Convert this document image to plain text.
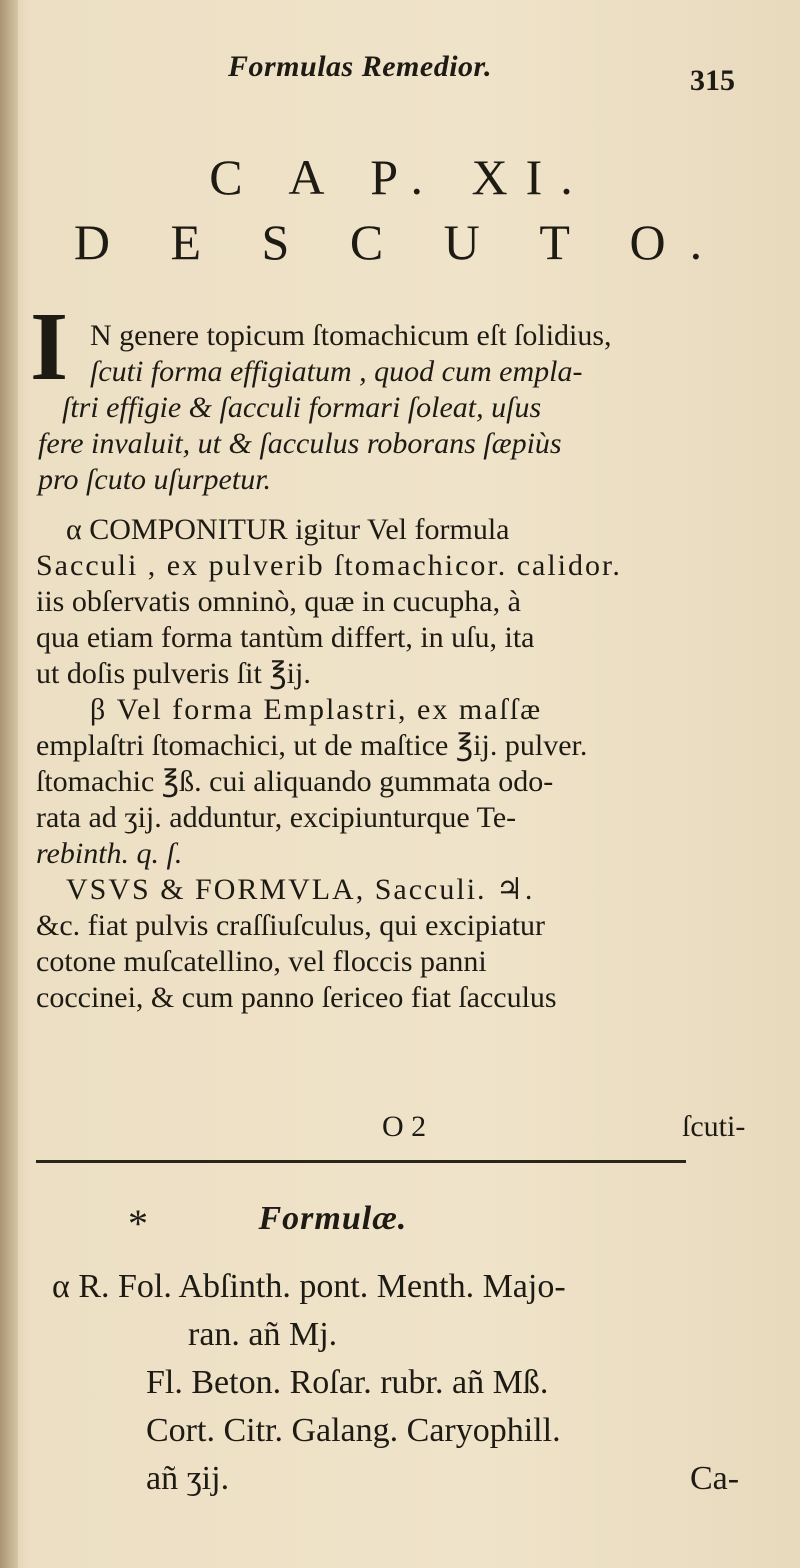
Formulas Remedior.	315
C A P. XI.
D E S C U T O.
I N genere topicum ſtomachicum eſt ſolidius,
ſcuti forma effigiatum , quod cum empla-
ſtri effigie & ſacculi formari ſoleat, uſus
fere invaluit, ut & ſacculus roborans ſæpiùs
pro ſcuto uſurpetur.
α COMPONITUR igitur Vel formula
Sacculi , ex pulverib ſtomachicor. calidor.
iis obſervatis omninò, quæ in cucupha, à
qua etiam forma tantùm differt, in uſu, ita
ut doſis pulveris ſit ℥ij.
β Vel forma Emplastri, ex maſſæ
emplaſtri ſtomachici, ut de maſtice ℥ij. pulver.
ſtomachic ℥ß. cui aliquando gummata odo-
rata ad ʒij. adduntur, excipiunturque Te-
rebinth. q. ſ.
VSVS & FORMVLA, Sacculi. ♃.
&c. fiat pulvis craſſiuſculus, qui excipiatur
cotone muſcatellino, vel floccis panni
coccinei, & cum panno ſericeo fiat ſacculus
O 2	ſcuti-
*	Formulæ.
α R. Fol. Abſinth. pont. Menth. Majo-
ran. añ Mj.
Fl. Beton. Roſar. rubr. añ Mß.
Cort. Citr. Galang. Caryophill.
añ ʒij.	Ca-
